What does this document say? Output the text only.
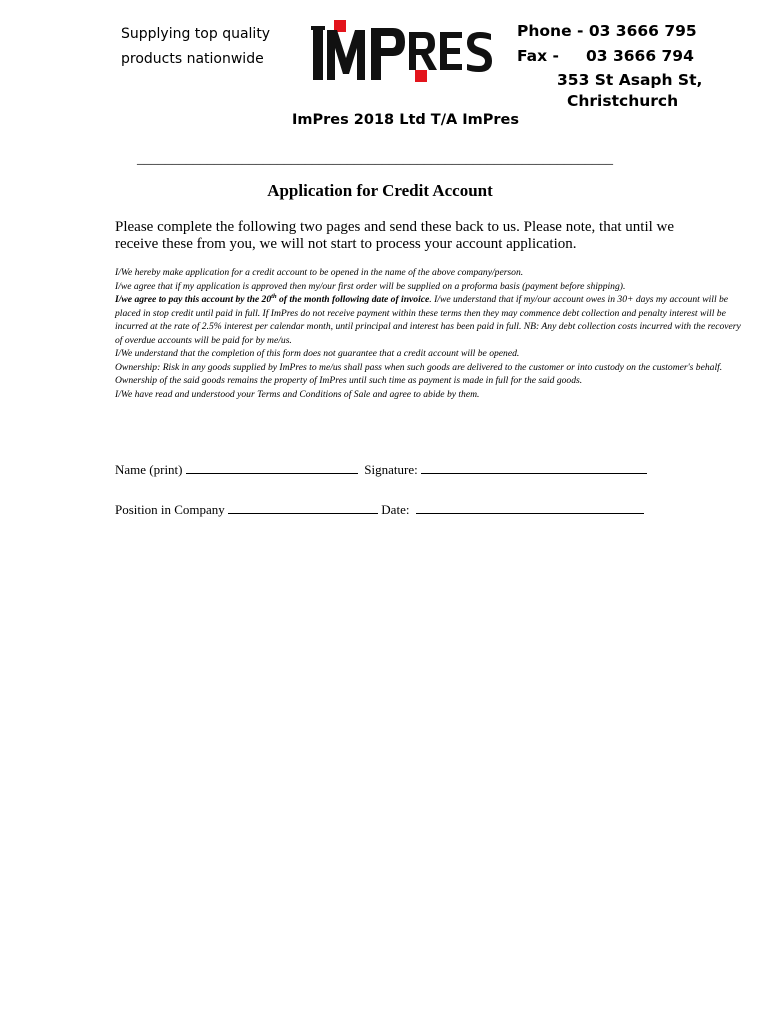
Supplying top quality
products nationwide
Phone - 03 3666 795
Fax - 03 3666 794
353 St Asaph St,
Christchurch
ImPres 2018 Ltd T/A ImPres
____________________________________________________________________
Application for Credit Account
Please complete the following two pages and send these back to us. Please note, that until we receive these from you, we will not start to process your account application.

I/We hereby make application for a credit account to be opened in the name of the above company/person.

I/we agree that if my application is approved then my/our first order will be supplied on a proforma basis (payment before shipping).

I/we agree to pay this account by the 20th of the month following date of invoice. I/we understand that if my/our account owes in 30+ days my account will be placed in stop credit until paid in full. If ImPres do not receive payment within these terms then they may commence debt collection and penalty interest will be incurred at the rate of 2.5% interest per calendar month, until principal and interest has been paid in full. NB: Any debt collection costs incurred with the recovery of overdue accounts will be paid for by me/us.

I/We understand that the completion of this form does not guarantee that a credit account will be opened.

Ownership: Risk in any goods supplied by ImPres to me/us shall pass when such goods are delivered to the customer or into custody on the customer's behalf. Ownership of the said goods remains the property of ImPres until such time as payment is made in full for the said goods.

I/We have read and understood your Terms and Conditions of Sale and agree to abide by them.

Name (print)	Signature:
Position in Company	Date:
